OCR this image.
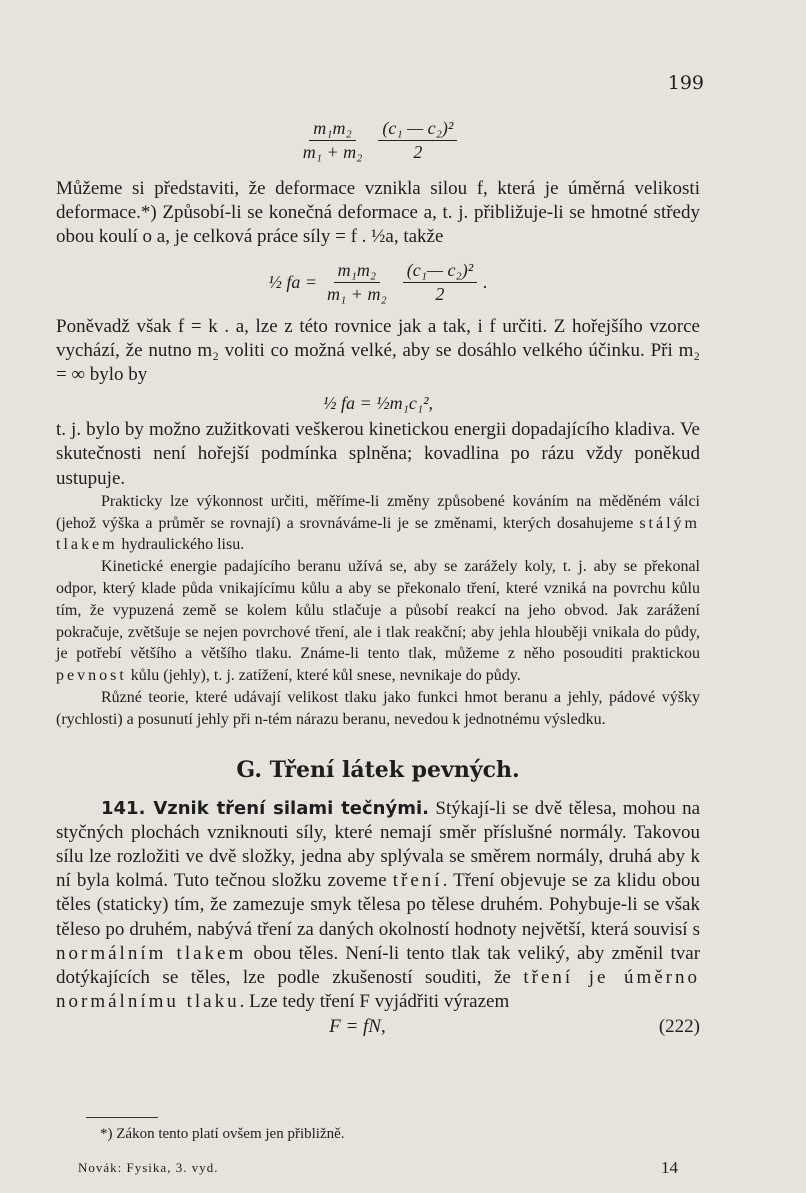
199
$\frac{\text{m₁m₂}}{\text{m₁ + m₂}} \frac{\text{(c₁ — c₂)²}}{2}$

Můžeme si představiti, že deformace vznikla silou f, která je úměrná velikosti deformace.*) Způsobí-li se konečná deformace a, t. j. přibližuje-li se hmotné středy obou koulí o a, je celková práce síly = f . ½a, takže

½ fa = $\frac{\text{m₁m₂}}{\text{m₁ + m₂}} \frac{\text{(c₁— c₂)²}}{2}$ .

Poněvadž však f = k . a, lze z této rovnice jak a tak, i f určiti. Z hořejšího vzorce vychází, že nutno m₂ voliti co možná velké, aby se dosáhlo velkého účinku. Při m₂ = ∞ bylo by

½ fa = ½m₁c₁²,

t. j. bylo by možno zužitkovati veškerou kinetickou energii dopadajícího kladiva. Ve skutečnosti není hořejší podmínka splněna; kovadlina po rázu vždy poněkud ustupuje.

Prakticky lze výkonnost určiti, měříme-li změny způsobené kováním na měděném válci (jehož výška a průměr se rovnají) a srovnáváme-li je se změnami, kterých dosahujeme stálým tlakem hydraulického lisu.

Kinetické energie padajícího beranu užívá se, aby se zarážely koly, t. j. aby se překonal odpor, který klade půda vnikajícímu kůlu a aby se překonalo tření, které vzniká na povrchu kůlu tím, že vypuzená země se kolem kůlu stlačuje a působí reakcí na jeho obvod. Jak zarážení pokračuje, zvětšuje se nejen povrchové tření, ale i tlak reakční; aby jehla hlouběji vnikala do půdy, je potřebí většího a většího tlaku. Známe-li tento tlak, můžeme z něho posouditi praktickou pevnost kůlu (jehly), t. j. zatížení, které kůl snese, nevnikaje do půdy.

Různé teorie, které udávají velikost tlaku jako funkci hmot beranu a jehly, pádové výšky (rychlosti) a posunutí jehly při n-tém nárazu beranu, nevedou k jednotnému výsledku.

G. Tření látek pevných.

141. Vznik tření silami tečnými. Stýkají-li se dvě tělesa, mohou na styčných plochách vzniknouti síly, které nemají směr příslušné normály. Takovou sílu lze rozložiti ve dvě složky, jedna aby splývala se směrem normály, druhá aby k ní byla kolmá. Tuto tečnou složku zoveme tření. Tření objevuje se za klidu obou těles (staticky) tím, že zamezuje smyk tělesa po tělese druhém. Pohybuje-li se však těleso po druhém, nabývá tření za daných okolností hodnoty největší, která souvisí s normálním tlakem obou těles. Není-li tento tlak tak veliký, aby změnil tvar dotýkajících se těles, lze podle zkušeností souditi, že tření je úměrno normálnímu tlaku. Lze tedy tření F vyjádřiti výrazem

F = fN,	(222)
*) Zákon tento platí ovšem jen přibližně.
Novák: Fysika, 3. vyd.	14
